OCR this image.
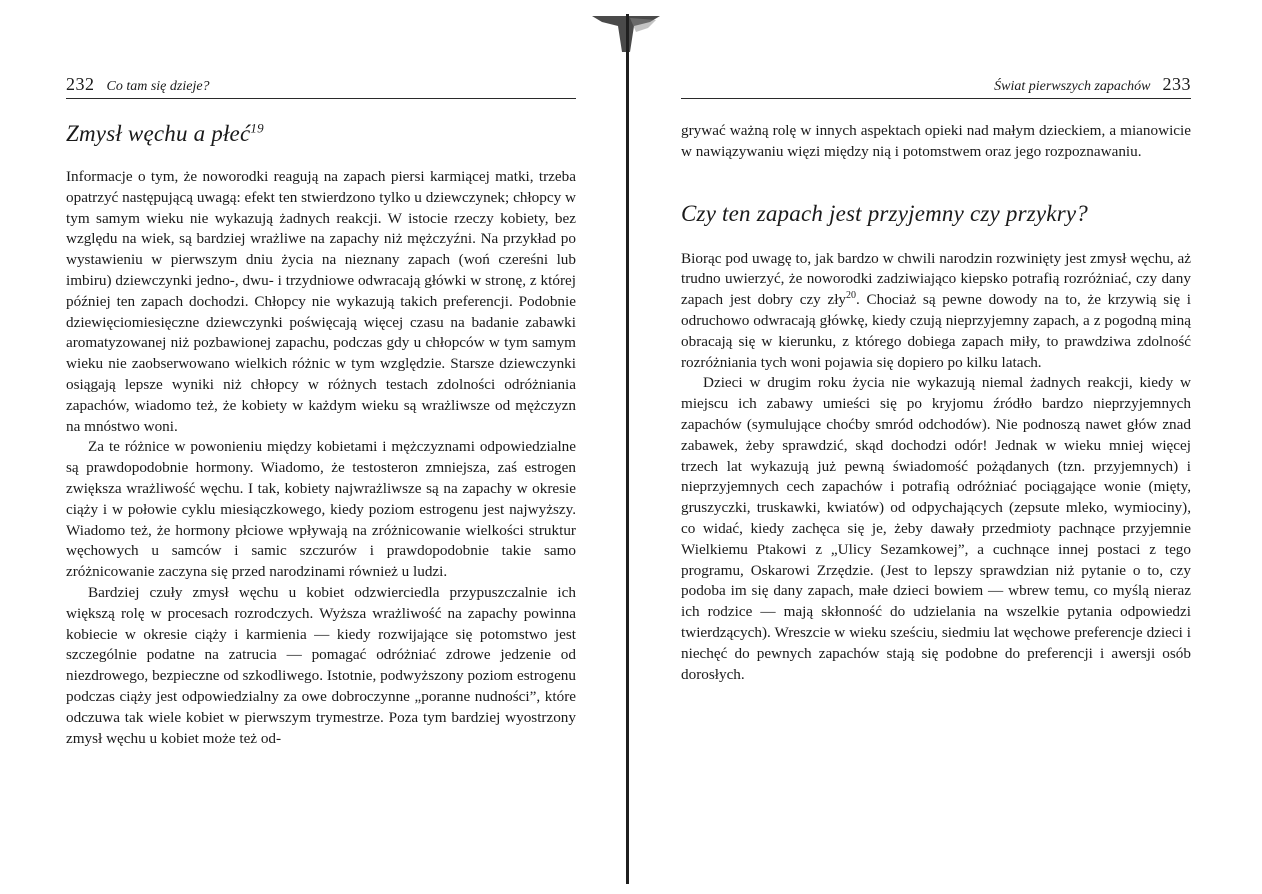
232 Co tam się dzieje?
Zmysł węchu a płeć$^{19}$

Informacje o tym, że noworodki reagują na zapach piersi karmiącej matki, trzeba opatrzyć następującą uwagą: efekt ten stwierdzono tylko u dziewczynek; chłopcy w tym samym wieku nie wykazują żadnych reakcji. W istocie rzeczy kobiety, bez względu na wiek, są bardziej wrażliwe na zapachy niż mężczyźni. Na przykład po wystawieniu w pierwszym dniu życia na nieznany zapach (woń czereśni lub imbiru) dziewczynki jedno-, dwu- i trzydniowe odwracają główki w stronę, z której później ten zapach dochodzi. Chłopcy nie wykazują takich preferencji. Podobnie dziewięciomiesięczne dziewczynki poświęcają więcej czasu na badanie zabawki aromatyzowanej niż pozbawionej zapachu, podczas gdy u chłopców w tym samym wieku nie zaobserwowano wielkich różnic w tym względzie. Starsze dziewczynki osiągają lepsze wyniki niż chłopcy w różnych testach zdolności odróżniania zapachów, wiadomo też, że kobiety w każdym wieku są wrażliwsze od mężczyzn na mnóstwo woni.

Za te różnice w powonieniu między kobietami i mężczyznami odpowiedzialne są prawdopodobnie hormony. Wiadomo, że testosteron zmniejsza, zaś estrogen zwiększa wrażliwość węchu. I tak, kobiety najwrażliwsze są na zapachy w okresie ciąży i w połowie cyklu miesiączkowego, kiedy poziom estrogenu jest najwyższy. Wiadomo też, że hormony płciowe wpływają na zróżnicowanie wielkości struktur węchowych u samców i samic szczurów i prawdopodobnie takie samo zróżnicowanie zaczyna się przed narodzinami również u ludzi.

Bardziej czuły zmysł węchu u kobiet odzwierciedla przypuszczalnie ich większą rolę w procesach rozrodczych. Wyższa wrażliwość na zapachy powinna kobiecie w okresie ciąży i karmienia — kiedy rozwijające się potomstwo jest szczególnie podatne na zatrucia — pomagać odróżniać zdrowe jedzenie od niezdrowego, bezpieczne od szkodliwego. Istotnie, podwyższony poziom estrogenu podczas ciąży jest odpowiedzialny za owe dobroczynne „poranne nudności”, które odczuwa tak wiele kobiet w pierwszym trymestrze. Poza tym bardziej wyostrzony zmysł węchu u kobiet może też od-

Świat pierwszych zapachów 233

grywać ważną rolę w innych aspektach opieki nad małym dzieckiem, a mianowicie w nawiązywaniu więzi między nią i potomstwem oraz jego rozpoznawaniu.

Czy ten zapach jest przyjemny czy przykry?

Biorąc pod uwagę to, jak bardzo w chwili narodzin rozwinięty jest zmysł węchu, aż trudno uwierzyć, że noworodki zadziwiająco kiepsko potrafią rozróżniać, czy dany zapach jest dobry czy zły$^{20}$. Chociaż są pewne dowody na to, że krzywią się i odruchowo odwracają główkę, kiedy czują nieprzyjemny zapach, a z pogodną miną obracają się w kierunku, z którego dobiega zapach miły, to prawdziwa zdolność rozróżniania tych woni pojawia się dopiero po kilku latach.

Dzieci w drugim roku życia nie wykazują niemal żadnych reakcji, kiedy w miejscu ich zabawy umieści się po kryjomu źródło bardzo nieprzyjemnych zapachów (symulujące choćby smród odchodów). Nie podnoszą nawet głów znad zabawek, żeby sprawdzić, skąd dochodzi odór! Jednak w wieku mniej więcej trzech lat wykazują już pewną świadomość pożądanych (tzn. przyjemnych) i nieprzyjemnych cech zapachów i potrafią odróżniać pociągające wonie (mięty, gruszyczki, truskawki, kwiatów) od odpychających (zepsute mleko, wymiociny), co widać, kiedy zachęca się je, żeby dawały przedmioty pachnące przyjemnie Wielkiemu Ptakowi z „Ulicy Sezamkowej”, a cuchnące innej postaci z tego programu, Oskarowi Zrzędzie. (Jest to lepszy sprawdzian niż pytanie o to, czy podoba im się dany zapach, małe dzieci bowiem — wbrew temu, co myślą nieraz ich rodzice — mają skłonność do udzielania na wszelkie pytania odpowiedzi twierdzących). Wreszcie w wieku sześciu, siedmiu lat węchowe preferencje dzieci i niechęć do pewnych zapachów stają się podobne do preferencji i awersji osób dorosłych.
